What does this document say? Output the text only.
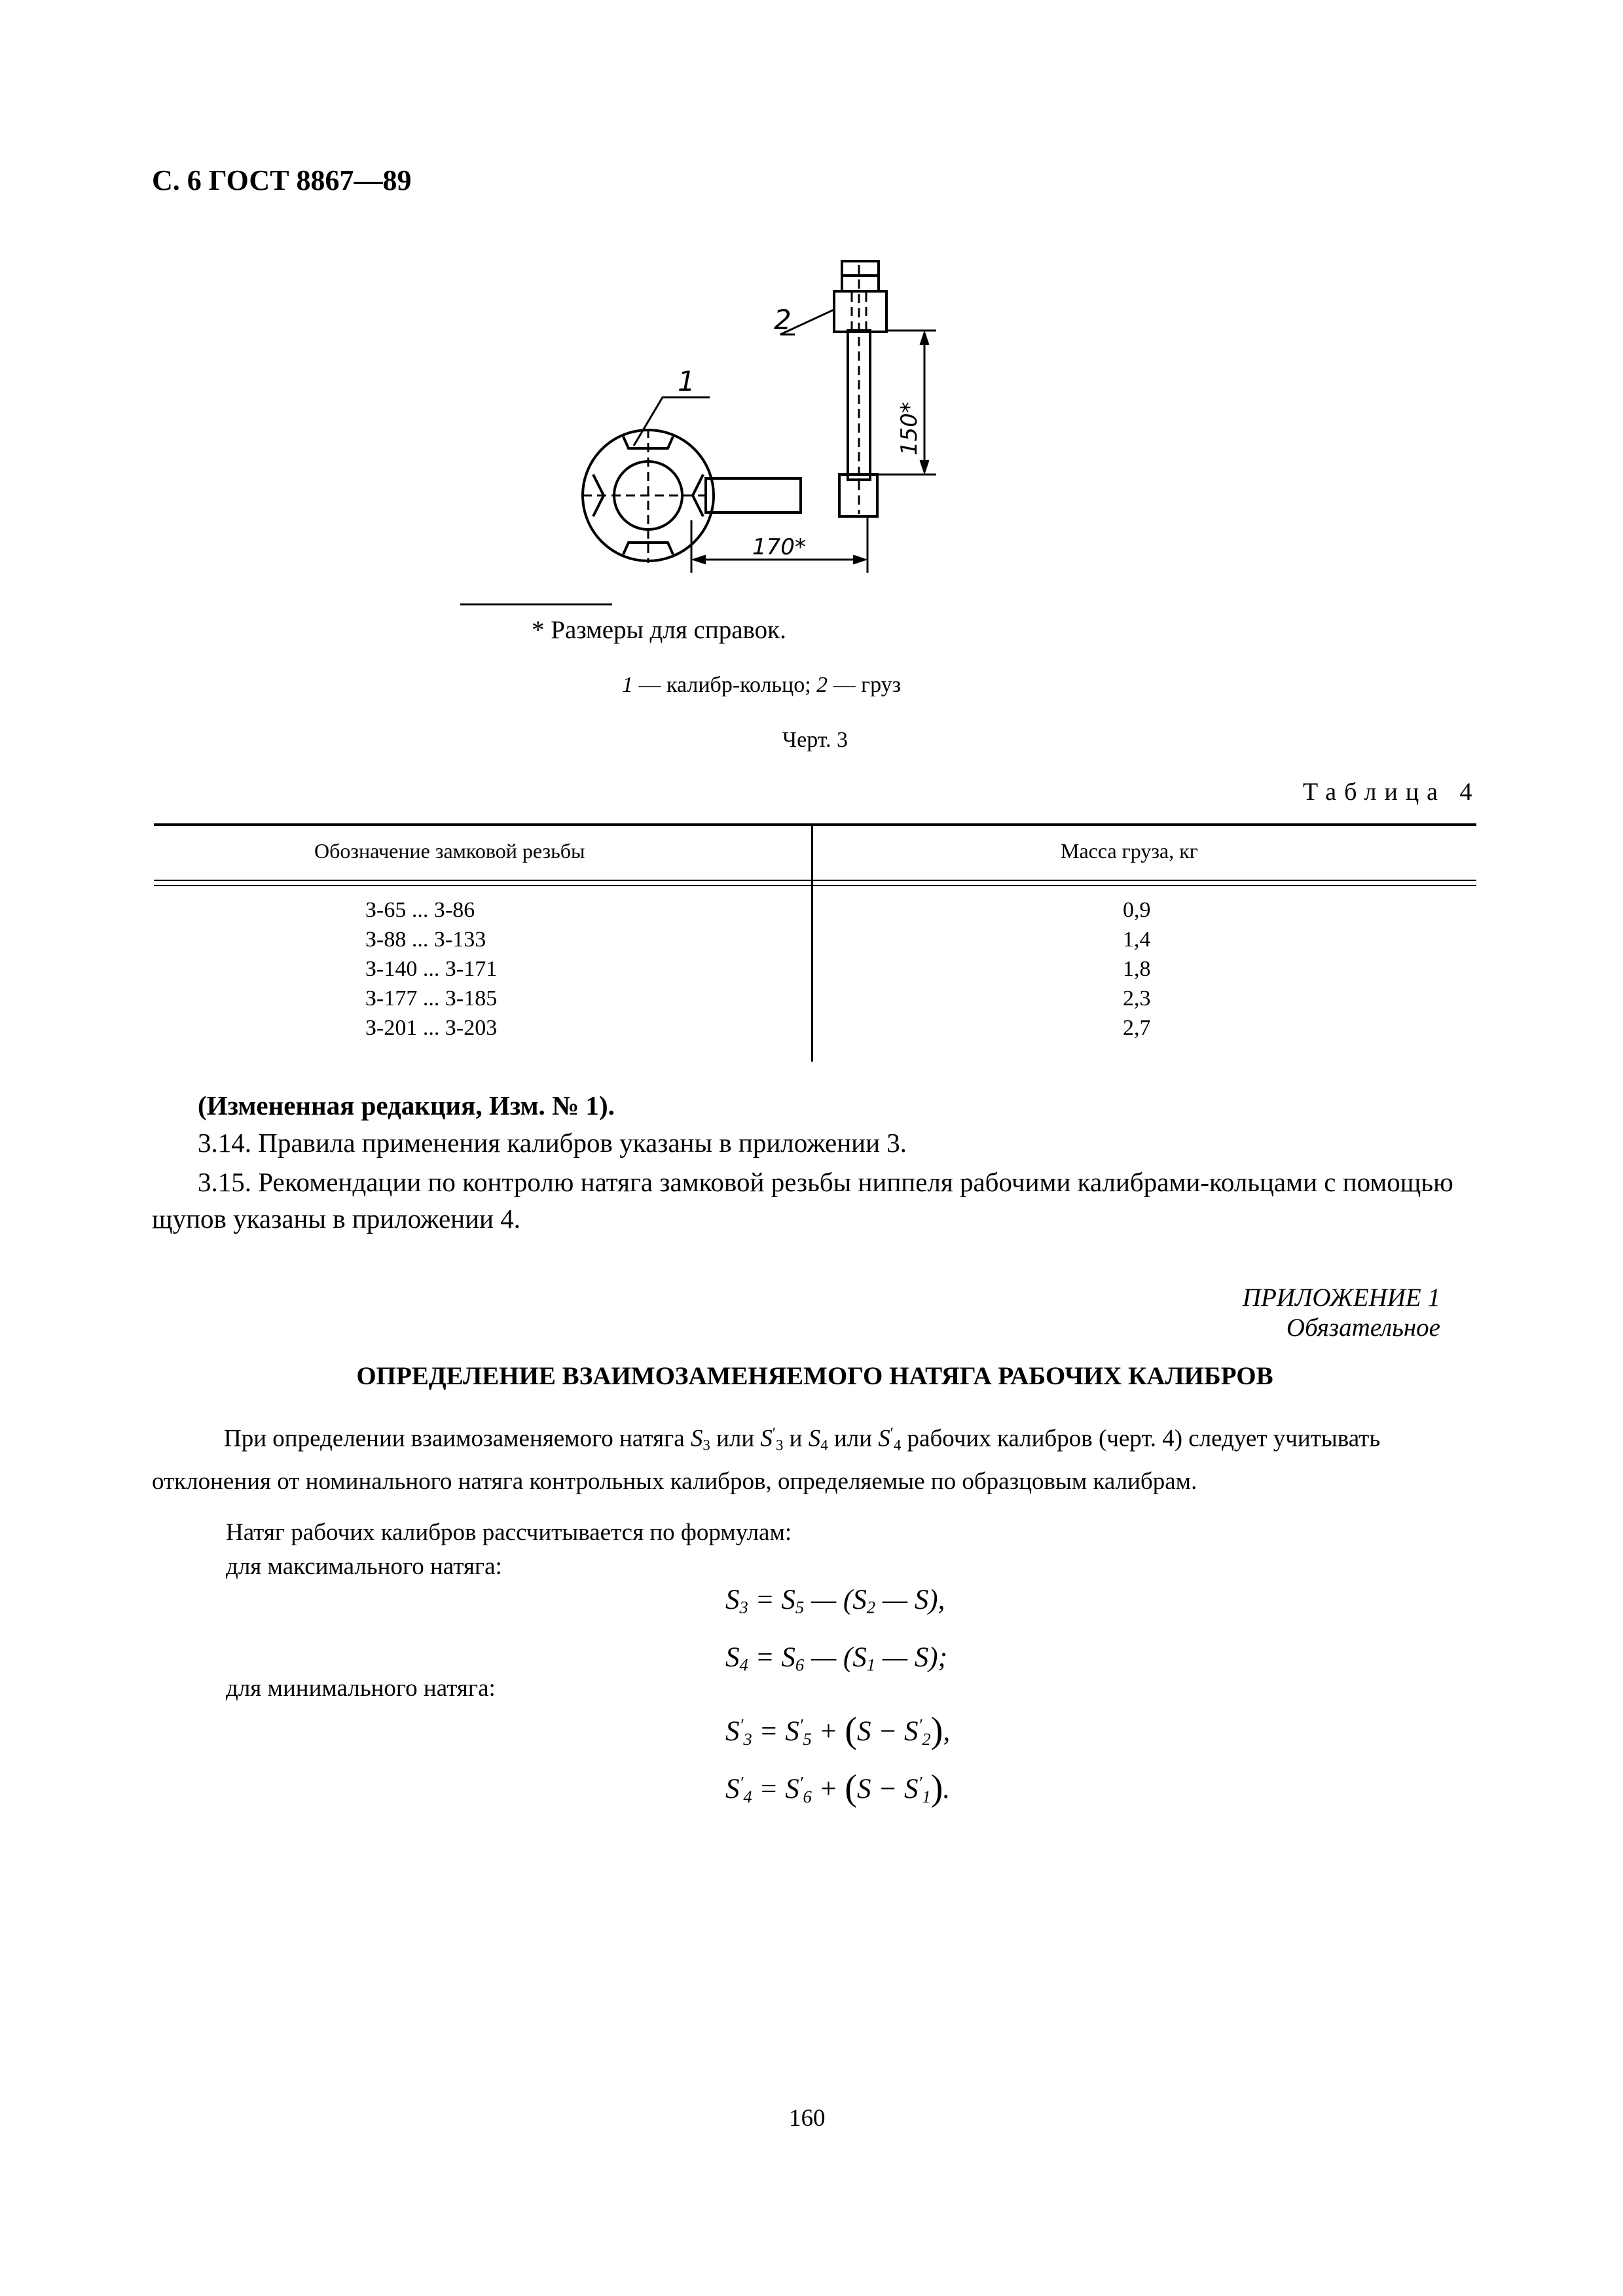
С. 6 ГОСТ 8867—89
1
2
150*
170*
* Размеры для справок.
1 — калибр-кольцо; 2 — груз
Черт. 3
Таблица 4
Обозначение замковой резьбы	Масса груза, кг
З-65 ... З-86
З-88 ... З-133
З-140 ... З-171
З-177 ... З-185
З-201 ... З-203
0,9
1,4
1,8
2,3
2,7
(Измененная редакция, Изм. № 1).
3.14. Правила применения калибров указаны в приложении 3.
3.15. Рекомендации по контролю натяга замковой резьбы ниппеля рабочими калибрами-кольцами с помощью щупов указаны в приложении 4.
ПРИЛОЖЕНИЕ 1
Обязательное
ОПРЕДЕЛЕНИЕ ВЗАИМОЗАМЕНЯЕМОГО НАТЯГА РАБОЧИХ КАЛИБРОВ
При определении взаимозаменяемого натяга $S_3$ или $S'_3$ и $S_4$ или $S'_4$ рабочих калибров (черт. 4) следует учитывать отклонения от номинального натяга контрольных калибров, определяемые по образцовым калибрам.
Натяг рабочих калибров рассчитывается по формулам:
для максимального натяга:
$S_3 = S_5$ — ($S_2$ — S),
$S_4 = S_6$ — ($S_1$ — S);
для минимального натяга:
$S'_3 = S'_5 + (S - S'_2)$,
$S'_4 = S'_6 + (S - S'_1)$.
160
